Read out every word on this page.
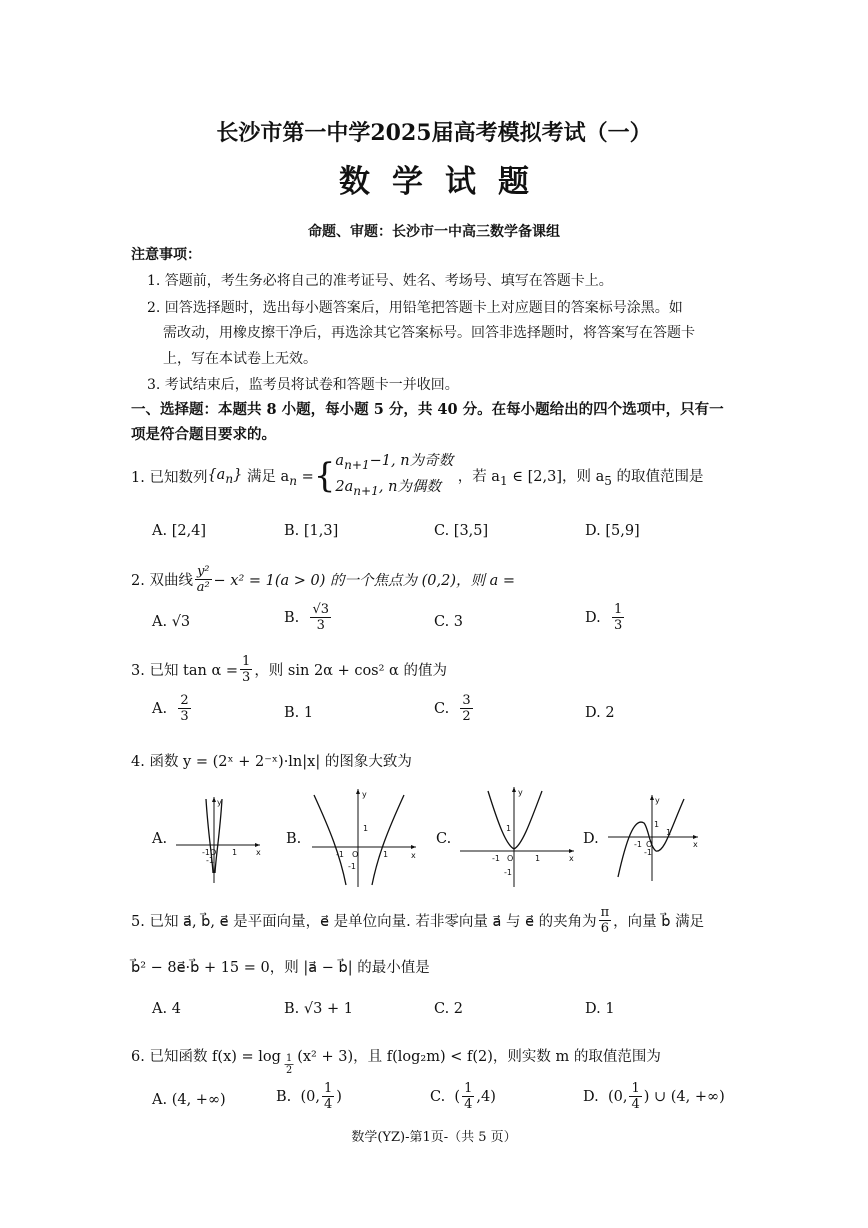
长沙市第一中学2025届高考模拟考试（一）
数学试题
命题、审题：长沙市一中高三数学备课组
注意事项：
1. 答题前，考生务必将自己的准考证号、姓名、考场号、填写在答题卡上。
2. 回答选择题时，选出每小题答案后，用铅笔把答题卡上对应题目的答案标号涂黑。如
需改动，用橡皮擦干净后，再选涂其它答案标号。回答非选择题时，将答案写在答题卡
上，写在本试卷上无效。
3. 考试结束后，监考员将试卷和答题卡一并收回。
一、选择题：本题共 8 小题，每小题 5 分，共 40 分。在每小题给出的四个选项中，只有一
项是符合题目要求的。
1. 已知数列 $\{a_n\}$
满足 $a_n$ = { $a_{n+1}-1$, n为奇数
$2a_{n+1}$, n为偶数
，若 $a_1$ ∈ [2,3]，则 $a_5$ 的取值范围是
A. [2,4]	B. [1,3]	C. [3,5]	D. [5,9]
2. 双曲线 $\frac{\text{y²}}{\text{a²}} - x^2 = 1(a > 0)$ 的一个焦点为 (0,2)，则 a =
A. √3	B.
$\frac{√3}{3}$	C. 3	D.
$\frac{1}{3}$
3. 已知 $\tan \alpha = \frac{1}{3}$ ，则 sin 2α + cos² α 的值为
A.
$\frac{2}{3}$	B. 1	C.
$\frac{3}{2}$	D. 2
4. 函数 y = (2ˣ + 2⁻ˣ)·ln|x| 的图象大致为
A.
y
x
-1O 1
-1
B.
y
x
-1 O	1
1
-1
C.
y
x
-1 O	1
1
-1
D.
y
x
-1 O
1
1
-1
5. 已知 a⃗, b⃗, e⃗ 是平面向量，e⃗ 是单位向量. 若非零向量 a⃗ 与 e⃗ 的夹角为 $\frac{\pi}{6}$ ，向量 b⃗ 满足
b⃗² − 8e⃗·b⃗ + 15 = 0，则 |a⃗ − b⃗| 的最小值是
A. 4	B. √3 + 1	C. 2	D. 1
6. 已知函数 $f(x) = \log \frac{1}{2} (x^2 + 3)$，且 f(log₂m) < f(2)，则实数 m 的取值范围为
A. (4, +∞)	B.
(0, $\frac{1}{4}$ )	C.
( $\frac{1}{4} ,4$)	D.
(0, $\frac{1}{4}$ ) ∪ (4, +∞)
数学(YZ)-第1页-（共 5 页）
